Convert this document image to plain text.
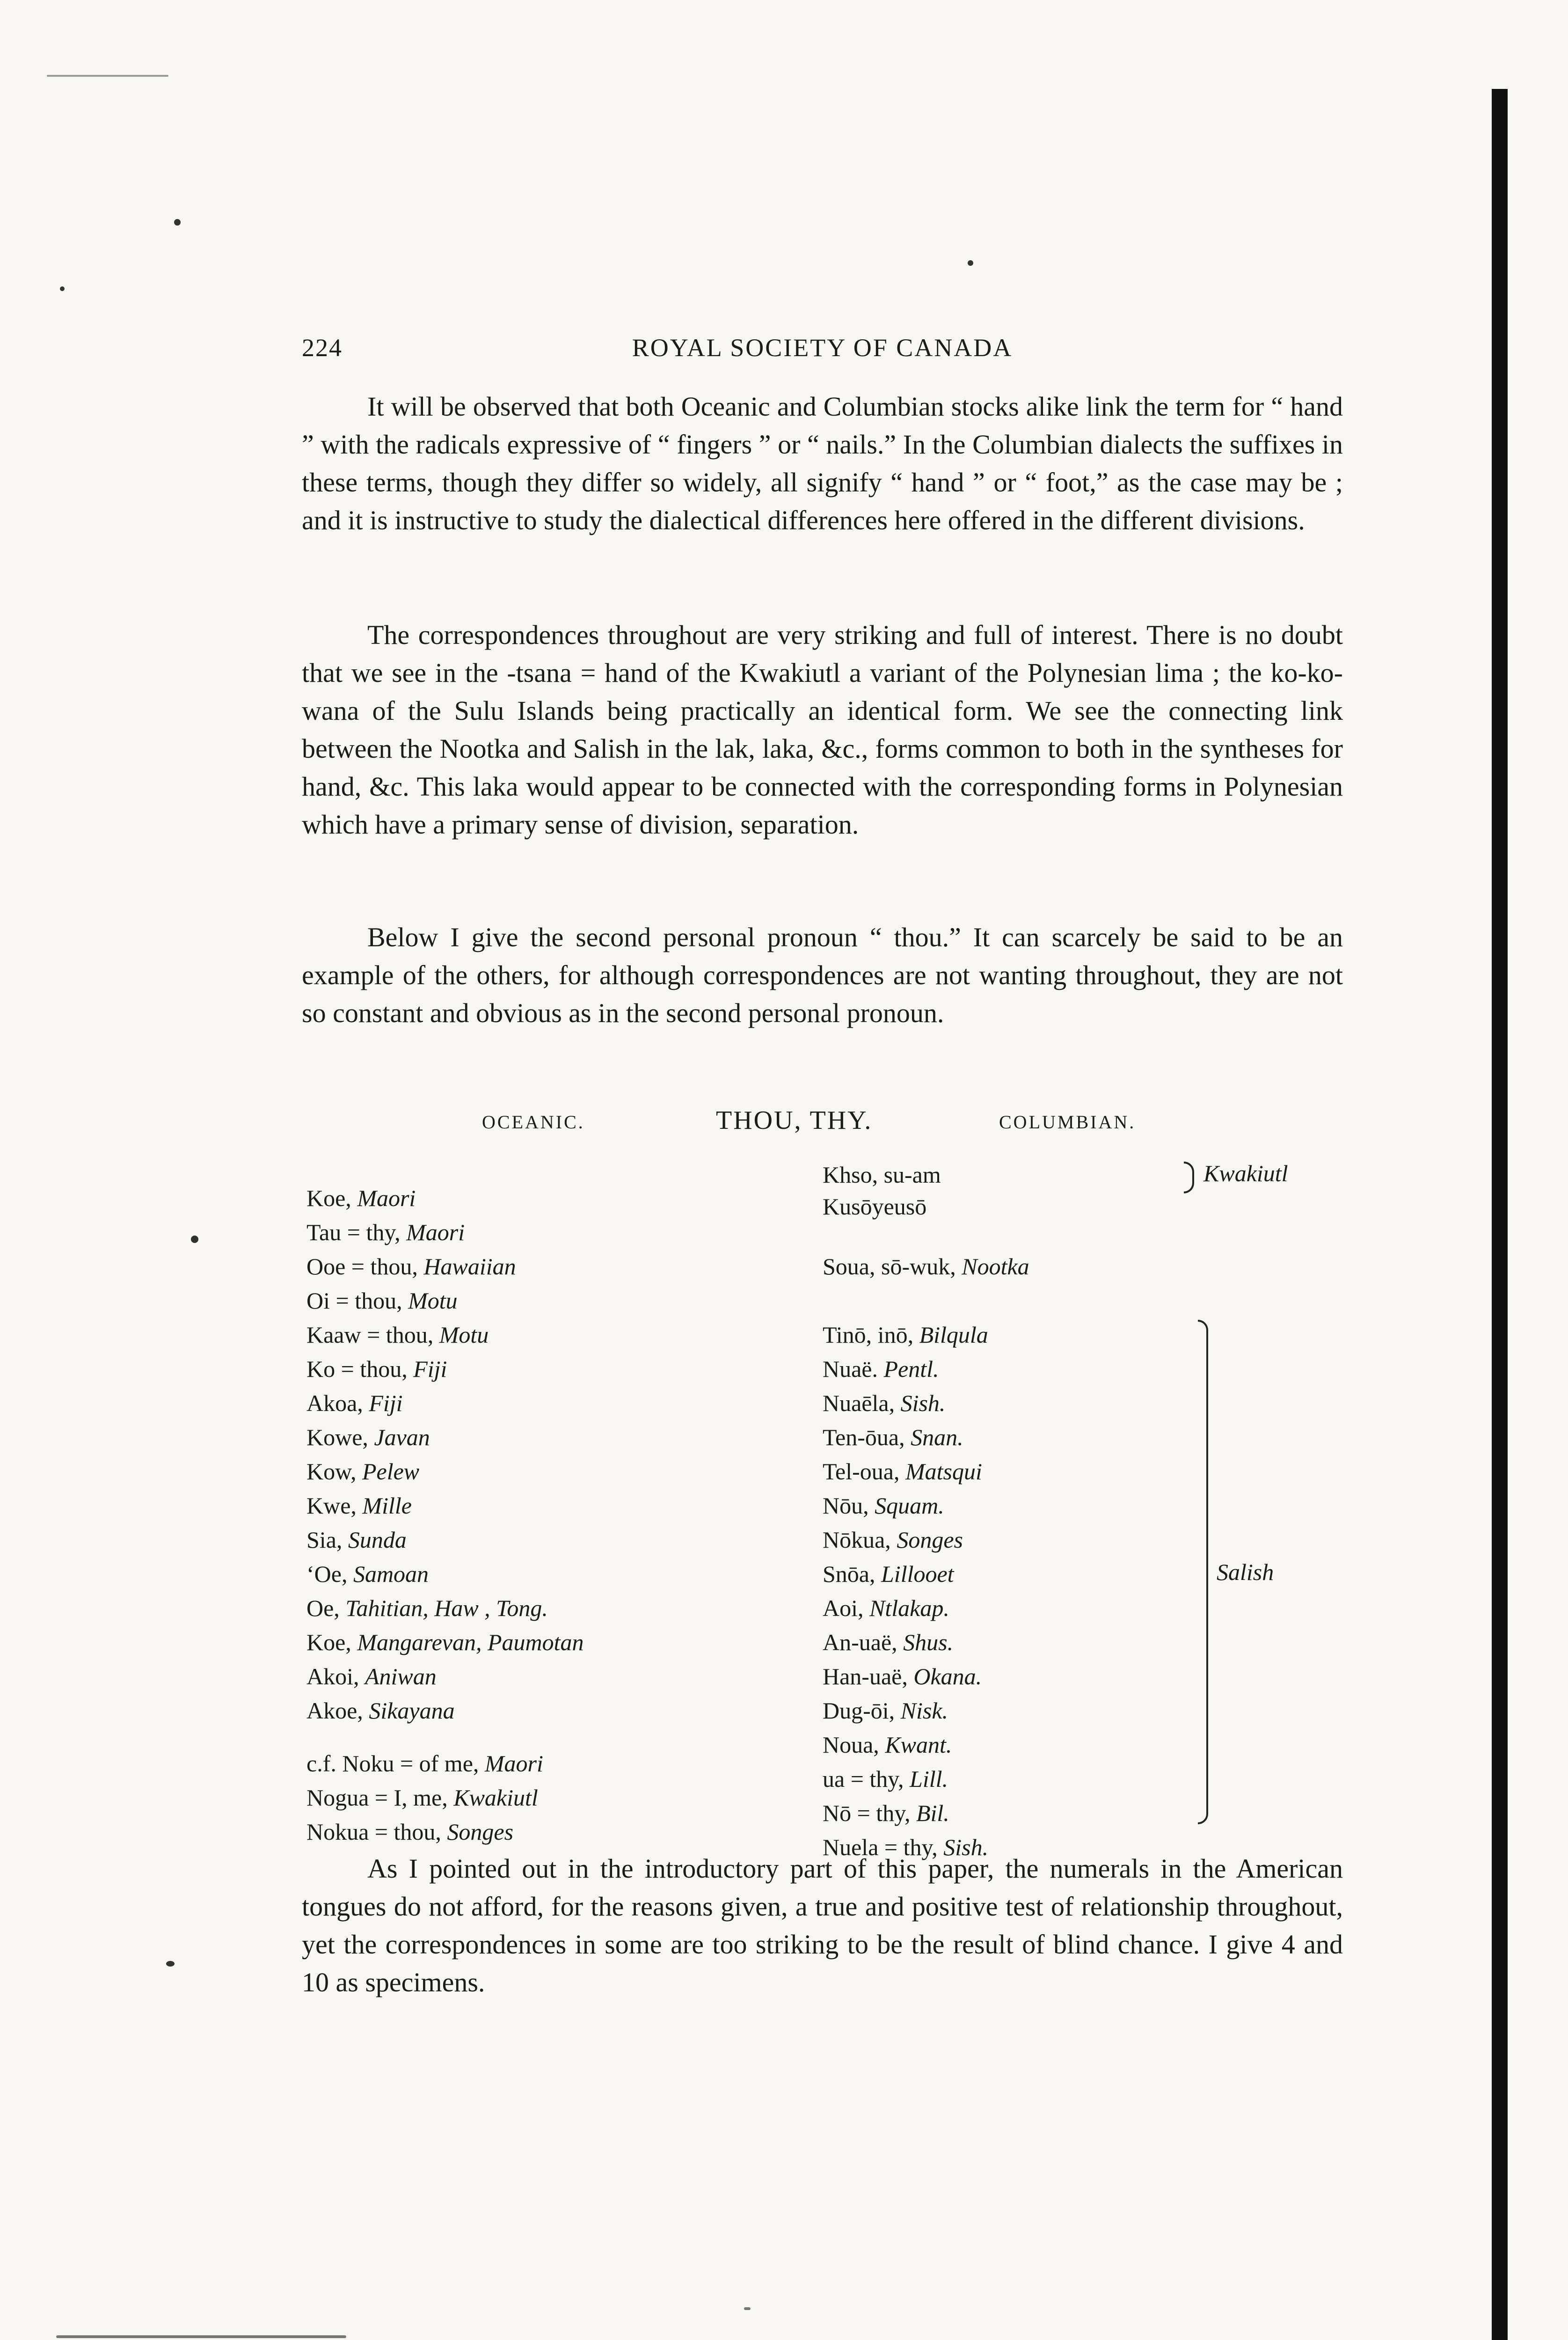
224	ROYAL SOCIETY OF CANADA

It will be observed that both Oceanic and Columbian stocks alike link the term for “ hand ” with the radicals expressive of “ fingers ” or “ nails.” In the Columbian dialects the suffixes in these terms, though they differ so widely, all signify “ hand ” or “ foot,” as the case may be ; and it is instructive to study the dialectical differences here offered in the different divisions.

The correspondences throughout are very striking and full of interest. There is no doubt that we see in the -tsana = hand of the Kwakiutl a variant of the Polynesian lima ; the ko-ko-wana of the Sulu Islands being practically an identical form. We see the connecting link between the Nootka and Salish in the lak, laka, &c., forms common to both in the syntheses for hand, &c. This laka would appear to be connected with the corresponding forms in Polynesian which have a primary sense of division, separation.

Below I give the second personal pronoun “ thou.” It can scarcely be said to be an example of the others, for although correspondences are not wanting throughout, they are not so constant and obvious as in the second personal pronoun.

OCEANIC.	THOU, THY.	COLUMBIAN.
Koe, Maori
Tau = thy, Maori
Ooe = thou, Hawaiian
Oi = thou, Motu
Kaaw = thou, Motu
Ko = thou, Fiji
Akoa, Fiji
Kowe, Javan
Kow, Pelew
Kwe, Mille
Sia, Sunda
‘Oe, Samoan
Oe, Tahitian, Haw , Tong.
Koe, Mangarevan, Paumotan
Akoi, Aniwan
Akoe, Sikayana
c.f. Noku = of me, Maori
Nogua = I, me, Kwakiutl
Nokua = thou, Songes
Khso, su-am
Kusōyeusō
Soua, sō-wuk, Nootka
Tinō, inō, Bilqula
Nuaë. Pentl.
Nuaēla, Sish.
Ten-ōua, Snan.
Tel-oua, Matsqui
Nōu, Squam.
Nōkua, Songes
Snōa, Lillooet
Aoi, Ntlakap.
An-uaë, Shus.
Han-uaë, Okana.
Dug-ōi, Nisk.
Noua, Kwant.
ua = thy, Lill.
Nō = thy, Bil.
Nuela = thy, Sish.
Kwakiutl
Salish

As I pointed out in the introductory part of this paper, the numerals in the American tongues do not afford, for the reasons given, a true and positive test of relationship throughout, yet the correspondences in some are too striking to be the result of blind chance. I give 4 and 10 as specimens.
